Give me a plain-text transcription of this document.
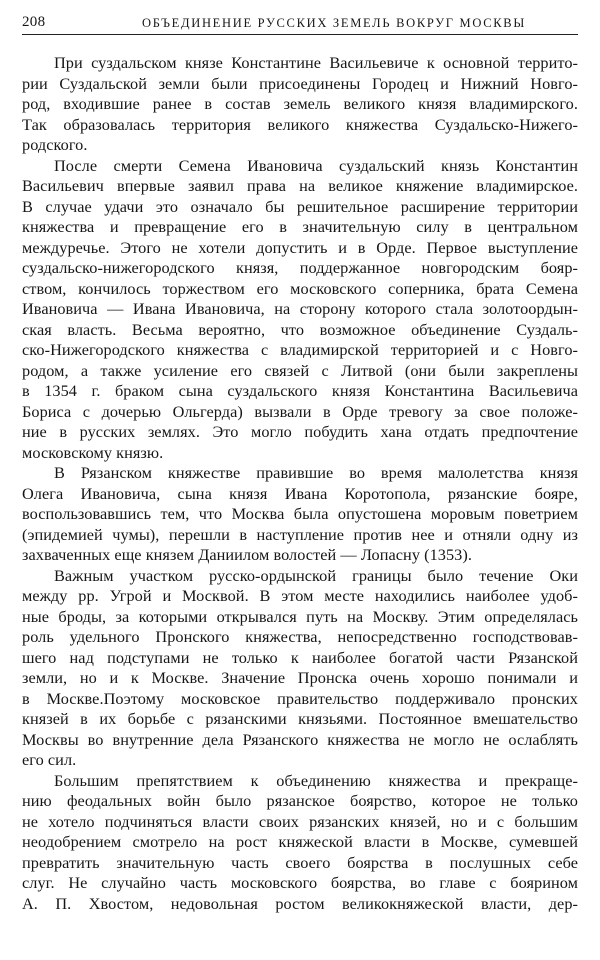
208	ОБЪЕДИНЕНИЕ РУССКИХ ЗЕМЕЛЬ ВОКРУГ МОСКВЫ
При суздальском князе Константине Васильевиче к основной террито-
рии Суздальской земли были присоединены Городец и Нижний Новго-
род, входившие ранее в состав земель великого князя владимирского.
Так образовалась территория великого княжества Суздальско-Нижего-
родского.
После смерти Семена Ивановича суздальский князь Константин
Васильевич впервые заявил права на великое княжение владимирское.
В случае удачи это означало бы решительное расширение территории
княжества и превращение его в значительную силу в центральном
междуречье. Этого не хотели допустить и в Орде. Первое выступление
суздальско-нижегородского князя, поддержанное новгородским бояр-
ством, кончилось торжеством его московского соперника, брата Семена
Ивановича — Ивана Ивановича, на сторону которого стала золотоордын-
ская власть. Весьма вероятно, что возможное объединение Суздаль-
ско-Нижегородского княжества с владимирской территорией и с Новго-
родом, а также усиление его связей с Литвой (они были закреплены
в 1354 г. браком сына суздальского князя Константина Васильевича
Бориса с дочерью Ольгерда) вызвали в Орде тревогу за свое положе-
ние в русских землях. Это могло побудить хана отдать предпочтение
московскому князю.
В Рязанском княжестве правившие во время малолетства князя
Олега Ивановича, сына князя Ивана Коротопола, рязанские бояре,
воспользовавшись тем, что Москва была опустошена моровым поветрием
(эпидемией чумы), перешли в наступление против нее и отняли одну из
захваченных еще князем Даниилом волостей — Лопасну (1353).
Важным участком русско-ордынской границы было течение Оки
между рр. Угрой и Москвой. В этом месте находились наиболее удоб-
ные броды, за которыми открывался путь на Москву. Этим определялась
роль удельного Пронского княжества, непосредственно господствовав-
шего над подступами не только к наиболее богатой части Рязанской
земли, но и к Москве. Значение Пронска очень хорошо понимали и
в Москве.Поэтому московское правительство поддерживало пронских
князей в их борьбе с рязанскими князьями. Постоянное вмешательство
Москвы во внутренние дела Рязанского княжества не могло не ослаблять
его сил.
Большим препятствием к объединению княжества и прекраще-
нию феодальных войн было рязанское боярство, которое не только
не хотело подчиняться власти своих рязанских князей, но и с большим
неодобрением смотрело на рост княжеской власти в Москве, сумевшей
превратить значительную часть своего боярства в послушных себе
слуг. Не случайно часть московского боярства, во главе с боярином
А. П. Хвостом, недовольная ростом великокняжеской власти, дер-
